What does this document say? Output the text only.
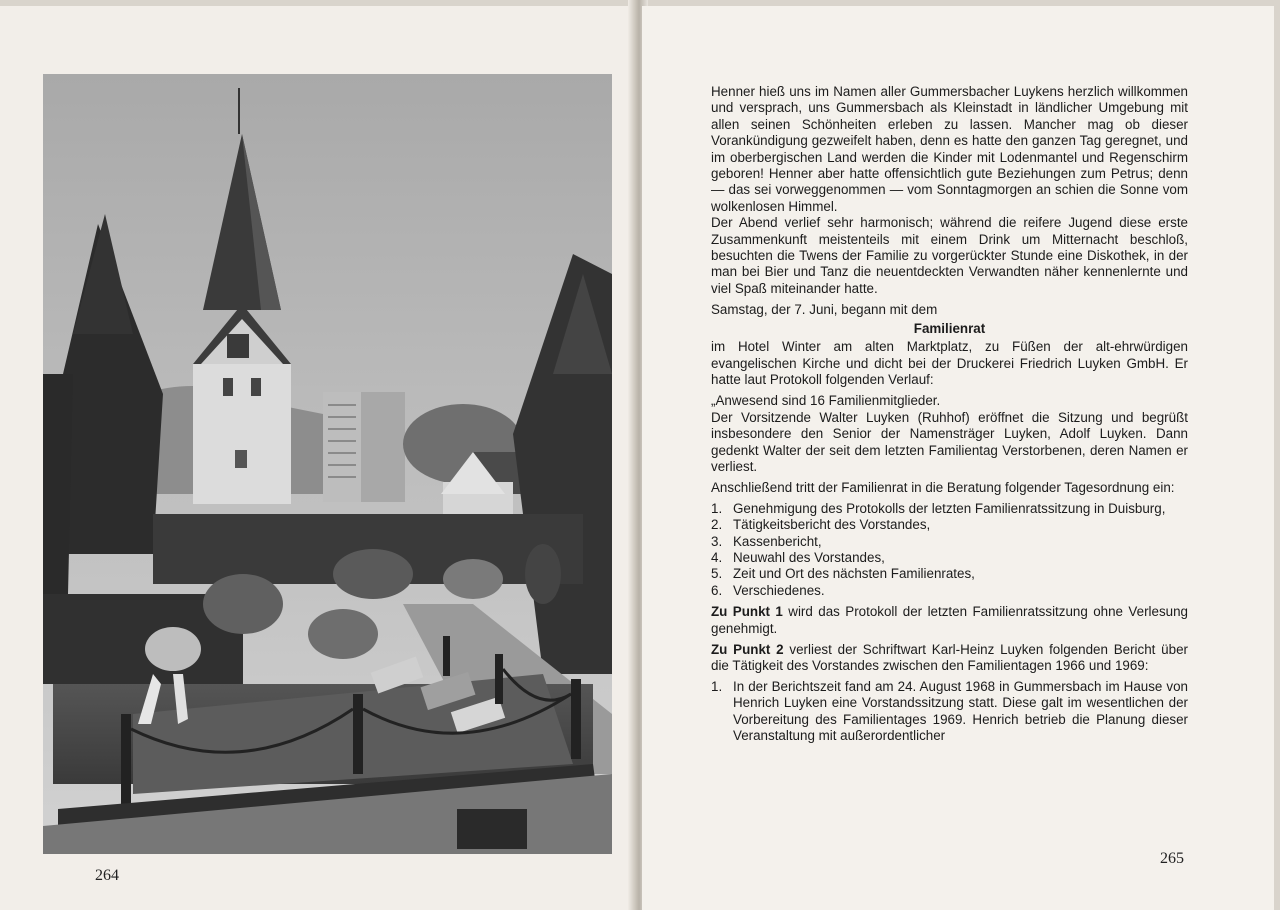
264

Henner hieß uns im Namen aller Gummersbacher Luykens herzlich willkommen und versprach, uns Gummersbach als Kleinstadt in ländlicher Umgebung mit allen seinen Schönheiten erleben zu lassen. Mancher mag ob dieser Vorankündigung gezweifelt haben, denn es hatte den ganzen Tag geregnet, und im oberbergischen Land werden die Kinder mit Lodenmantel und Regenschirm geboren! Henner aber hatte offensichtlich gute Beziehungen zum Petrus; denn — das sei vorweggenommen — vom Sonntagmorgen an schien die Sonne vom wolkenlosen Himmel.

Der Abend verlief sehr harmonisch; während die reifere Jugend diese erste Zusammenkunft meistenteils mit einem Drink um Mitternacht beschloß, besuchten die Twens der Familie zu vorgerückter Stunde eine Diskothek, in der man bei Bier und Tanz die neuentdeckten Verwandten näher kennenlernte und viel Spaß miteinander hatte.

Samstag, der 7. Juni, begann mit dem

Familienrat

im Hotel Winter am alten Marktplatz, zu Füßen der alt-ehrwürdigen evangelischen Kirche und dicht bei der Druckerei Friedrich Luyken GmbH. Er hatte laut Protokoll folgenden Verlauf:

„Anwesend sind 16 Familienmitglieder.

Der Vorsitzende Walter Luyken (Ruhhof) eröffnet die Sitzung und begrüßt insbesondere den Senior der Namensträger Luyken, Adolf Luyken. Dann gedenkt Walter der seit dem letzten Familientag Verstorbenen, deren Namen er verliest.

Anschließend tritt der Familienrat in die Beratung folgender Tagesordnung ein:

1. Genehmigung des Protokolls der letzten Familienratssitzung in Duisburg,
2. Tätigkeitsbericht des Vorstandes,
3. Kassenbericht,
4. Neuwahl des Vorstandes,
5. Zeit und Ort des nächsten Familienrates,
6. Verschiedenes.

Zu Punkt 1 wird das Protokoll der letzten Familienratssitzung ohne Verlesung genehmigt.

Zu Punkt 2 verliest der Schriftwart Karl-Heinz Luyken folgenden Bericht über die Tätigkeit des Vorstandes zwischen den Familientagen 1966 und 1969:

1. In der Berichtszeit fand am 24. August 1968 in Gummersbach im Hause von Henrich Luyken eine Vorstandssitzung statt. Diese galt im wesentlichen der Vorbereitung des Familientages 1969. Henrich betrieb die Planung dieser Veranstaltung mit außerordentlicher
265
